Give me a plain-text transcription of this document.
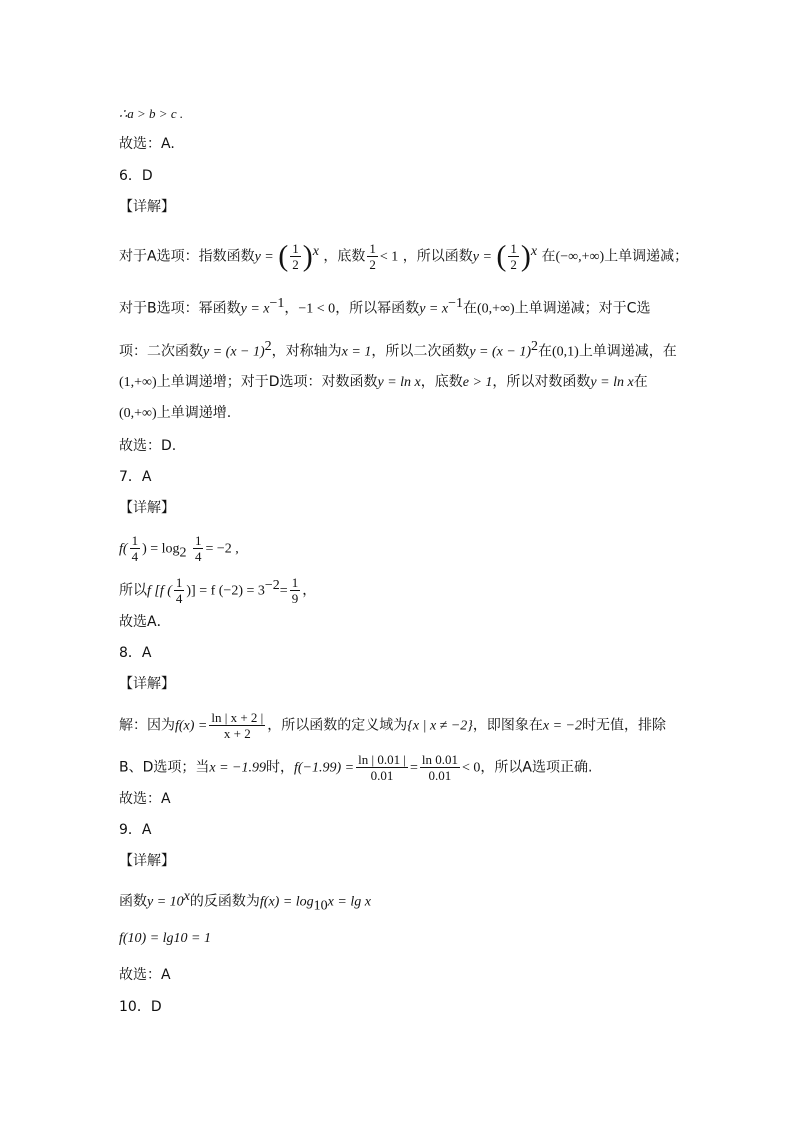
∴a > b > c .
故选：A.
6．D
【详解】
对于A选项：指数函数y = ( $\frac{1}{2} )^x$ ，底数 $\frac{1}{2} < 1$ ，所以函数y = ( $\frac{1}{2} )^x$ 在(−∞,+∞)上单调递减；
对于B选项：幂函数$y = x^{-1}$，−1 < 0，所以幂函数$y = x^{-1}$在(0,+∞)上单调递减；对于C选
项：二次函数$y = (x - 1)^2$，对称轴为x = 1，所以二次函数$y = (x - 1)^2$在(0,1)上单调递减，在
(1,+∞)上单调递增；对于D选项：对数函数y = ln x，底数e > 1，所以对数函数y = ln x在
(0,+∞)上单调递增.
故选：D.
7．A
【详解】
$f( \frac{1}{4}$ ) = $\log_2 \frac{1}{4} = -2$ ,
所以f [f ( $\frac{1}{4}$ )] = f $(-2) = 3^{-2}= \frac{1}{9}$ ，
故选A．
8．A
【详解】
解：因为$f(x) = \frac{\ln | x + 2 |}{x + 2}$ ，所以函数的定义域为{x | x ≠ −2}，即图象在x = −2时无值，排除
B、D选项；当x = −1.99时，$f(-1.99) = \frac{\ln | 0.01 |}{0.01} = \frac{\ln 0.01}{0.01} < 0$，所以A选项正确.
故选：A
9．A
【详解】
函数$y = 10^x$的反函数为$f(x) = \log_{10}x = \lg x$
f(10) = lg10 = 1
故选：A
10．D
